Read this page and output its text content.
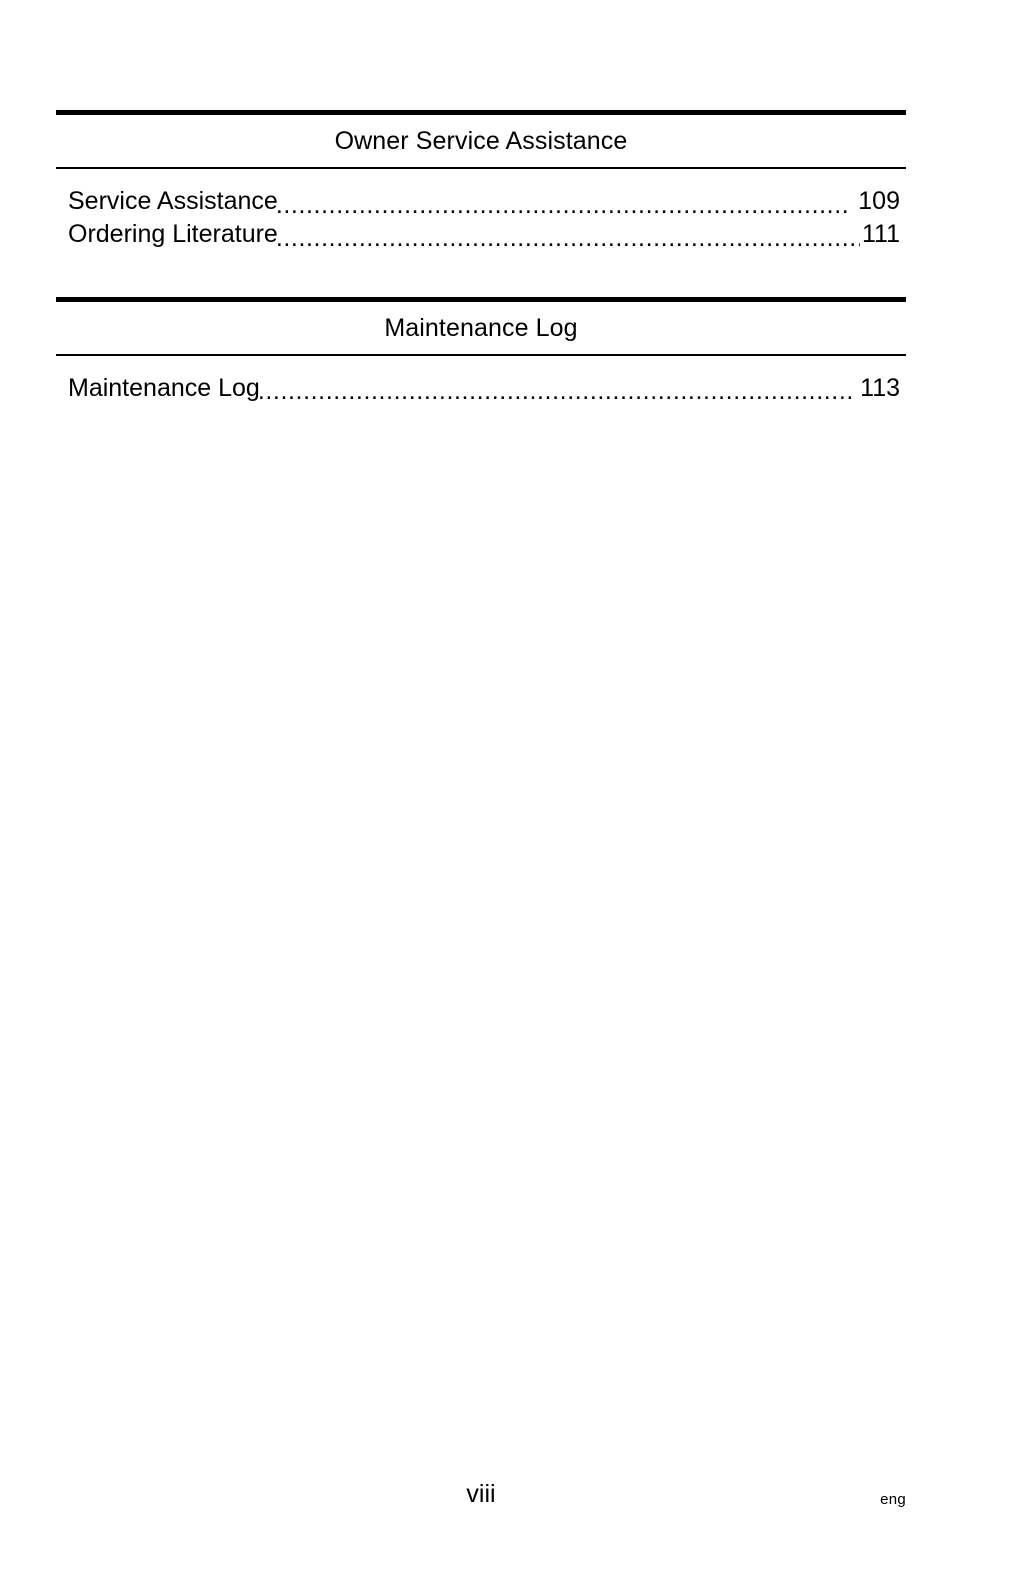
Owner Service Assistance
Service Assistance .....	109
Ordering Literature .....	111
Maintenance Log
Maintenance Log .....	113
viii	eng
